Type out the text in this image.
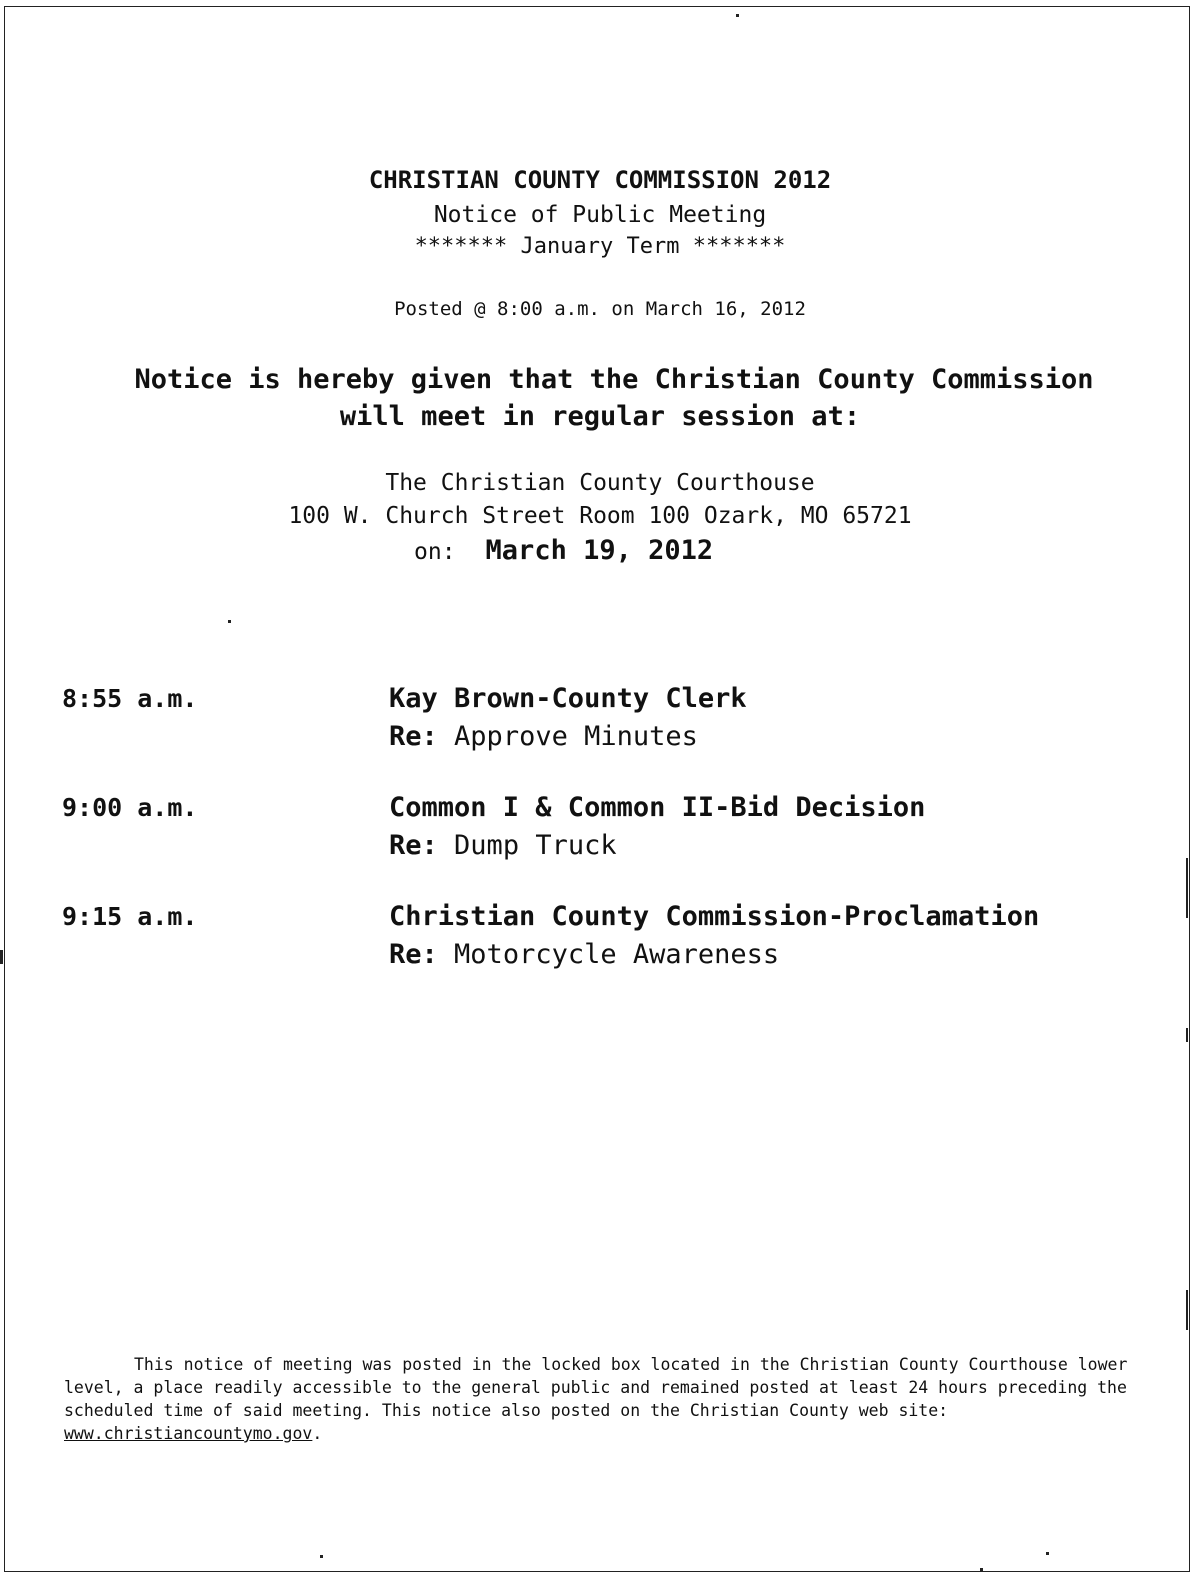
CHRISTIAN COUNTY COMMISSION 2012
Notice of Public Meeting
******* January Term *******
Posted @ 8:00 a.m. on March 16, 2012
Notice is hereby given that the Christian County Commission
will meet in regular session at:
The Christian County Courthouse
100 W. Church Street Room 100 Ozark, MO 65721
on: March 19, 2012
8:55 a.m.	Kay Brown-County Clerk
Re: Approve Minutes
9:00 a.m.	Common I & Common II-Bid Decision
Re: Dump Truck
9:15 a.m.	Christian County Commission-Proclamation
Re: Motorcycle Awareness
This notice of meeting was posted in the locked box located in the Christian County Courthouse lower level, a place readily accessible to the general public and remained posted at least 24 hours preceding the scheduled time of said meeting. This notice also posted on the Christian County web site: www.christiancountymo.gov.
